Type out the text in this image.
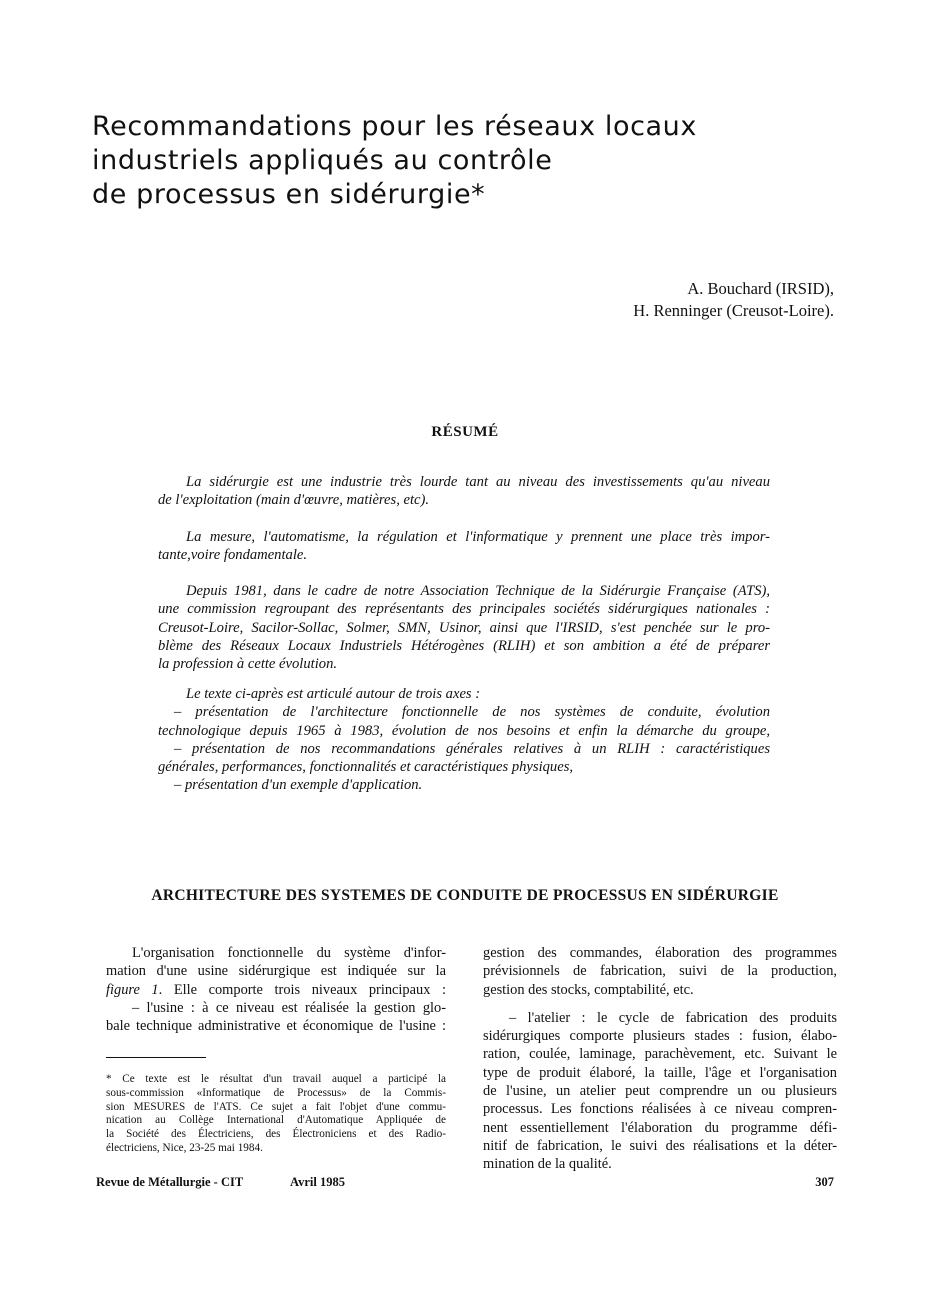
Recommandations pour les réseaux locaux
industriels appliqués au contrôle
de processus en sidérurgie*
A. Bouchard (IRSID),
H. Renninger (Creusot-Loire).
RÉSUMÉ
La sidérurgie est une industrie très lourde tant au niveau des investissements qu'au niveau
de l'exploitation (main d'œuvre, matières, etc).
La mesure, l'automatisme, la régulation et l'informatique y prennent une place très impor-
tante,voire fondamentale.
Depuis 1981, dans le cadre de notre Association Technique de la Sidérurgie Française (ATS),
une commission regroupant des représentants des principales sociétés sidérurgiques nationales :
Creusot-Loire, Sacilor-Sollac, Solmer, SMN, Usinor, ainsi que l'IRSID, s'est penchée sur le pro-
blème des Réseaux Locaux Industriels Hétérogènes (RLIH) et son ambition a été de préparer
la profession à cette évolution.
Le texte ci-après est articulé autour de trois axes :
– présentation de l'architecture fonctionnelle de nos systèmes de conduite, évolution
technologique depuis 1965 à 1983, évolution de nos besoins et enfin la démarche du groupe,
– présentation de nos recommandations générales relatives à un RLIH : caractéristiques
générales, performances, fonctionnalités et caractéristiques physiques,
– présentation d'un exemple d'application.
ARCHITECTURE DES SYSTEMES DE CONDUITE DE PROCESSUS EN SIDÉRURGIE
L'organisation fonctionnelle du système d'infor-
mation d'une usine sidérurgique est indiquée sur la
figure 1. Elle comporte trois niveaux principaux :
– l'usine : à ce niveau est réalisée la gestion glo-
bale technique administrative et économique de l'usine :
* Ce texte est le résultat d'un travail auquel a participé la
sous-commission «Informatique de Processus» de la Commis-
sion MESURES de l'ATS. Ce sujet a fait l'objet d'une commu-
nication au Collège International d'Automatique Appliquée de
la Société des Électriciens, des Électroniciens et des Radio-
électriciens, Nice, 23-25 mai 1984.
gestion des commandes, élaboration des programmes
prévisionnels de fabrication, suivi de la production,
gestion des stocks, comptabilité, etc.
– l'atelier : le cycle de fabrication des produits
sidérurgiques comporte plusieurs stades : fusion, élabo-
ration, coulée, laminage, parachèvement, etc. Suivant le
type de produit élaboré, la taille, l'âge et l'organisation
de l'usine, un atelier peut comprendre un ou plusieurs
processus. Les fonctions réalisées à ce niveau compren-
nent essentiellement l'élaboration du programme défi-
nitif de fabrication, le suivi des réalisations et la déter-
mination de la qualité.
Revue de Métallurgie - CIT	Avril 1985	307
